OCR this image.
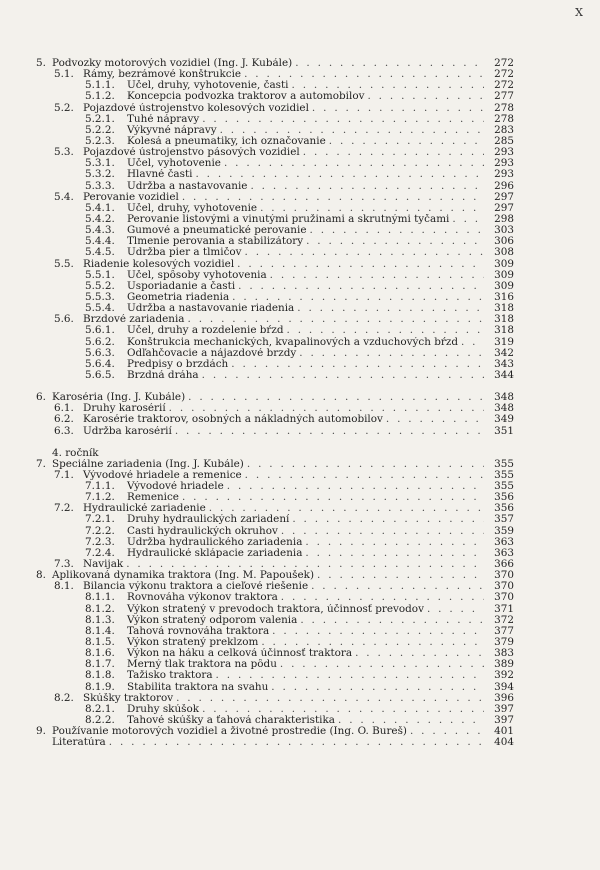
X
5. Podvozky motorových vozidiel (Ing. J. Kubále) . . .	272
5.1. Rámy, bezrámové konštrukcie . . .	272
5.1.1.	Účel, druhy, vyhotovenie, časti . . .	272
5.1.2.	Koncepcia podvozka traktorov a automobilov . . .	277
5.2. Pojazdové ústrojenstvo kolesových vozidiel . . .	278
5.2.1.	Tuhé nápravy . . .	278
5.2.2.	Výkyvné nápravy . . .	283
5.2.3.	Kolesá a pneumatiky, ich označovanie . . .	285
5.3. Pojazdové ústrojenstvo pásových vozidiel . . .	293
5.3.1.	Účel, vyhotovenie . . .	293
5.3.2.	Hlavné časti . . .	293
5.3.3.	Údržba a nastavovanie . . .	296
5.4. Perovanie vozidiel . . .	297
5.4.1.	Účel, druhy, vyhotovenie . . .	297
5.4.2.	Perovanie listovými a vinutými pružinami a skrutnými tyčami . . .	298
5.4.3.	Gumové a pneumatické perovanie . . .	303
5.4.4.	Tlmenie perovania a stabilizátory . . .	306
5.4.5.	Údržba pier a tlmičov . . .	308
5.5. Riadenie kolesových vozidiel . . .	309
5.5.1.	Účel, spôsoby vyhotovenia . . .	309
5.5.2.	Usporiadanie a časti . . .	309
5.5.3.	Geometria riadenia . . .	316
5.5.4.	Údržba a nastavovanie riadenia . . .	318
5.6. Brzdové zariadenia . . .	318
5.6.1.	Účel, druhy a rozdelenie bŕzd . . .	318
5.6.2.	Konštrukcia mechanických, kvapalinových a vzduchových bŕzd . . .	319
5.6.3.	Odľahčovacie a nájazdové brzdy . . .	342
5.6.4.	Predpisy o brzdách . . .	343
5.6.5.	Brzdná dráha . . .	344
6. Karoséria (Ing. J. Kubále) . . .	348
6.1. Druhy karosérií . . .	348
6.2. Karosérie traktorov, osobných a nákladných automobilov . . .	349
6.3. Údržba karosérií . . .	351
4. ročník
7. Špeciálne zariadenia (Ing. J. Kubále) . . .	355
7.1. Vývodové hriadele a remenice . . .	355
7.1.1.	Vývodové hriadele . . .	355
7.1.2.	Remenice . . .	356
7.2. Hydraulické zariadenie . . .	356
7.2.1.	Druhy hydraulických zariadení . . .	357
7.2.2.	Časti hydraulických okruhov . . .	359
7.2.3.	Údržba hydraulického zariadenia . . .	363
7.2.4.	Hydraulické sklápacie zariadenia . . .	363
7.3. Navijak . . .	366
8. Aplikovaná dynamika traktora (Ing. M. Papoušek) . . .	370
8.1. Bilancia výkonu traktora a cieľové riešenie . . .	370
8.1.1.	Rovnováha výkonov traktora . . .	370
8.1.2.	Výkon stratený v prevodoch traktora, účinnosť prevodov . . .	371
8.1.3.	Výkon stratený odporom valenia . . .	372
8.1.4.	Ťahová rovnováha traktora . . .	377
8.1.5.	Výkon stratený preklzom . . .	379
8.1.6.	Výkon na háku a celková účinnosť traktora . . .	383
8.1.7.	Merný tlak traktora na pôdu . . .	389
8.1.8.	Ťažisko traktora . . .	392
8.1.9.	Stabilita traktora na svahu . . .	394
8.2. Skúšky traktorov . . .	396
8.2.1.	Druhy skúšok . . .	397
8.2.2.	Ťahové skúšky a ťahová charakteristika . . .	397
9. Používanie motorových vozidiel a životné prostredie (Ing. O. Bureš) . . .	401
Literatúra . . .	404
